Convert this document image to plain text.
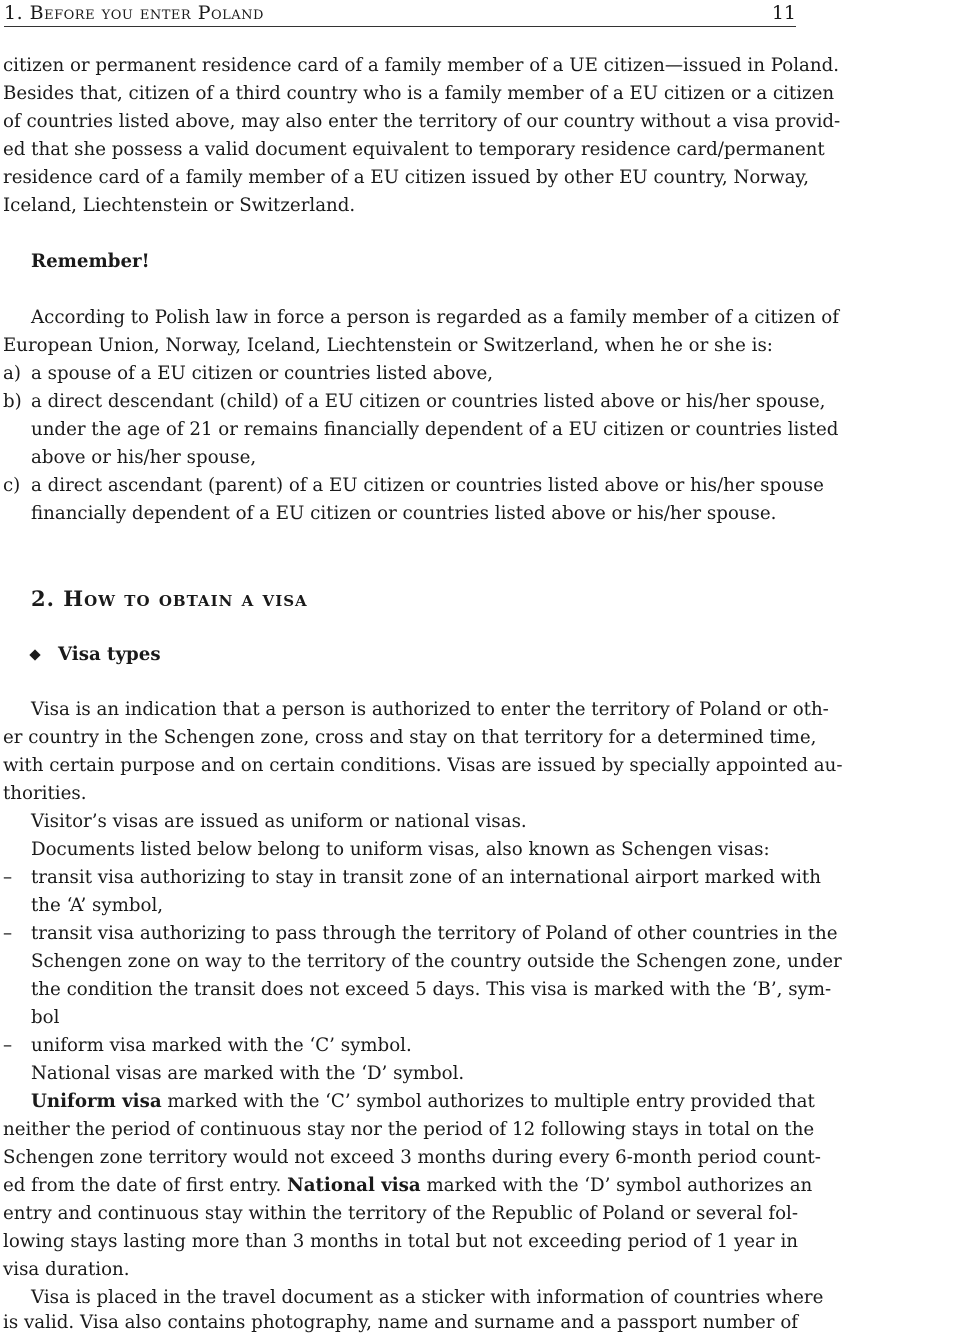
1. Before you enter Poland	11
citizen or permanent residence card of a family member of a UE citizen—issued in Poland.
Besides that, citizen of a third country who is a family member of a EU citizen or a citizen
of countries listed above, may also enter the territory of our country without a visa provid-
ed that she possess a valid document equivalent to temporary residence card/permanent
residence card of a family member of a EU citizen issued by other EU country, Norway,
Iceland, Liechtenstein or Switzerland.
Remember!
According to Polish law in force a person is regarded as a family member of a citizen of
European Union, Norway, Iceland, Liechtenstein or Switzerland, when he or she is:
a) a spouse of a EU citizen or countries listed above,
b) a direct descendant (child) of a EU citizen or countries listed above or his/her spouse,
under the age of 21 or remains financially dependent of a EU citizen or countries listed
above or his/her spouse,
c) a direct ascendant (parent) of a EU citizen or countries listed above or his/her spouse
financially dependent of a EU citizen or countries listed above or his/her spouse.
2. How to obtain a visa
Visa types
Visa is an indication that a person is authorized to enter the territory of Poland or oth-
er country in the Schengen zone, cross and stay on that territory for a determined time,
with certain purpose and on certain conditions. Visas are issued by specially appointed au-
thorities.
Visitor’s visas are issued as uniform or national visas.
Documents listed below belong to uniform visas, also known as Schengen visas:
–	transit visa authorizing to stay in transit zone of an international airport marked with
the ‘A’ symbol,
–	transit visa authorizing to pass through the territory of Poland of other countries in the
Schengen zone on way to the territory of the country outside the Schengen zone, under
the condition the transit does not exceed 5 days. This visa is marked with the ‘B’, sym-
bol
–	uniform visa marked with the ‘C’ symbol.
National visas are marked with the ‘D’ symbol.
Uniform visa marked with the ‘C’ symbol authorizes to multiple entry provided that
neither the period of continuous stay nor the period of 12 following stays in total on the
Schengen zone territory would not exceed 3 months during every 6-month period count-
ed from the date of first entry. National visa marked with the ‘D’ symbol authorizes an
entry and continuous stay within the territory of the Republic of Poland or several fol-
lowing stays lasting more than 3 months in total but not exceeding period of 1 year in
visa duration.
Visa is placed in the travel document as a sticker with information of countries where
is valid. Visa also contains photography, name and surname and a passport number of
